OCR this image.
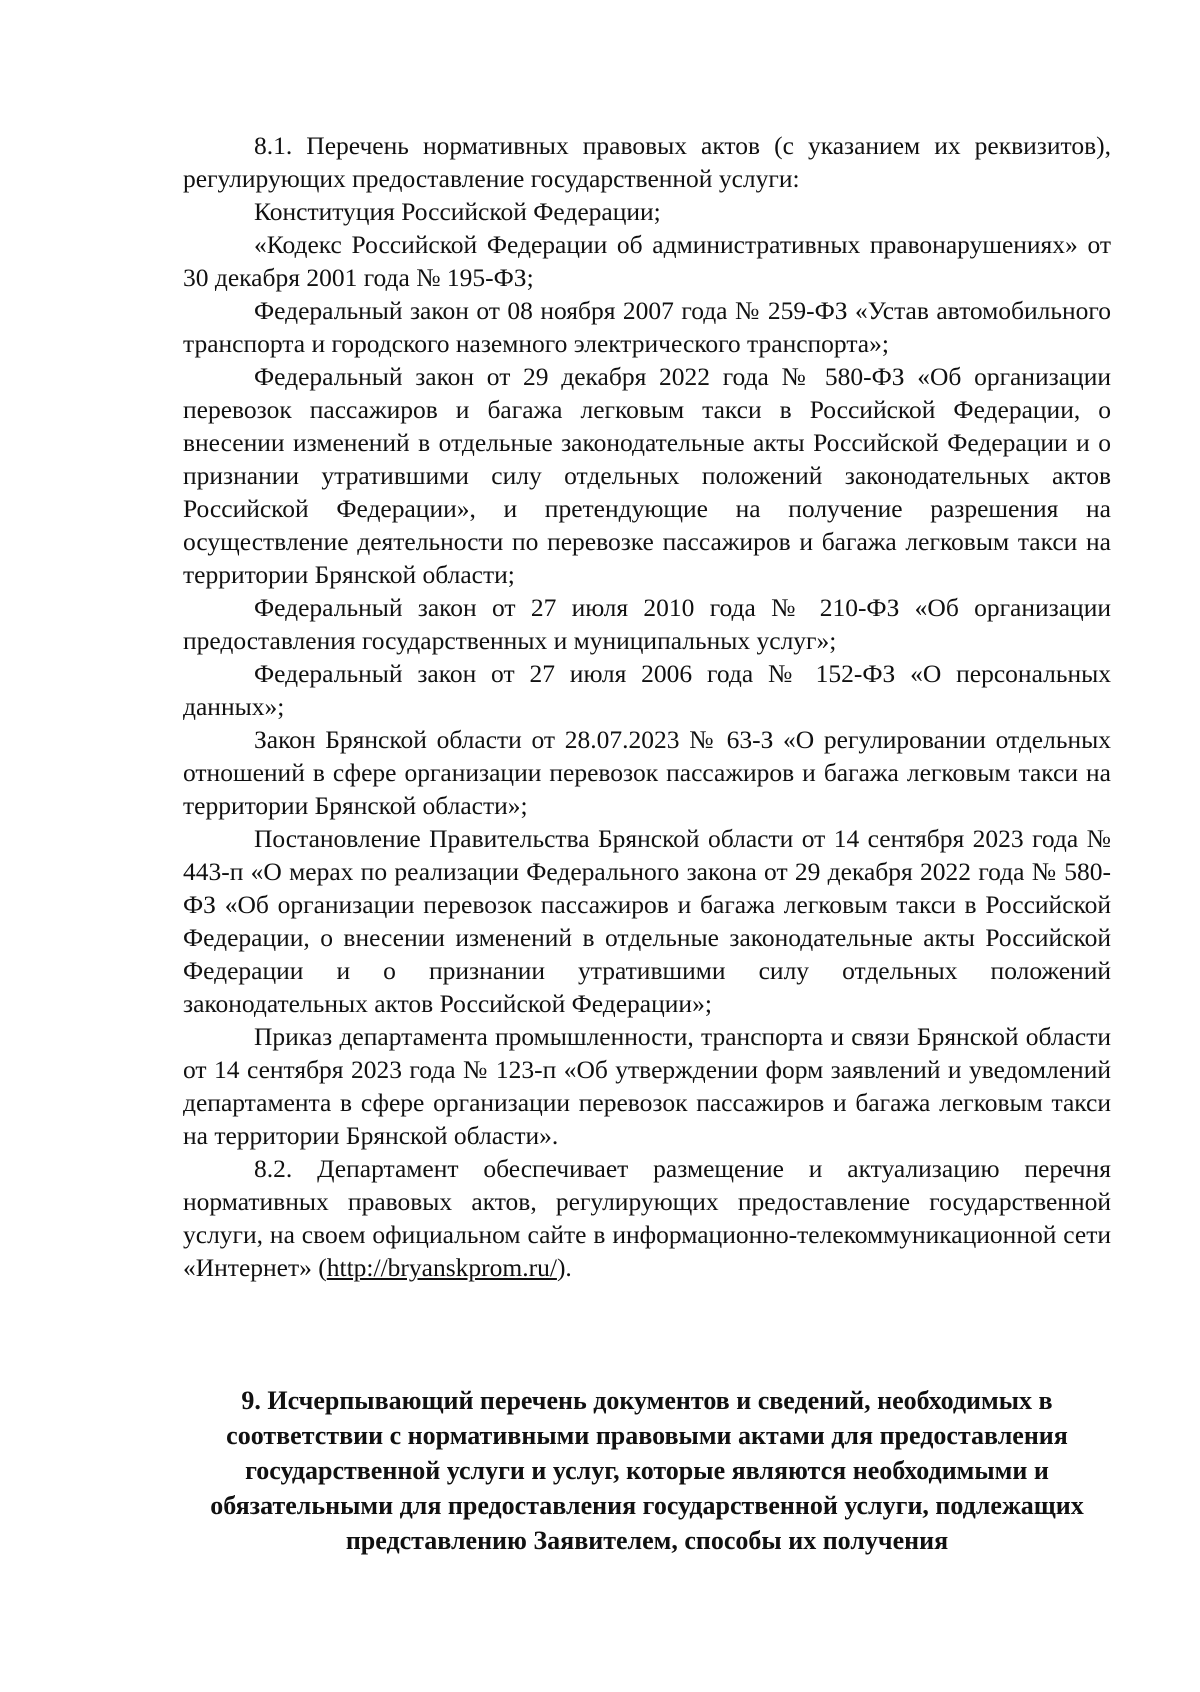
8.1. Перечень нормативных правовых актов (с указанием их реквизитов), регулирующих предоставление государственной услуги:

Конституция Российской Федерации;

«Кодекс Российской Федерации об административных правонарушениях» от 30 декабря 2001 года № 195-ФЗ;

Федеральный закон от 08 ноября 2007 года № 259-ФЗ «Устав автомобильного транспорта и городского наземного электрического транспорта»;

Федеральный закон от 29 декабря 2022 года № 580-ФЗ «Об организации перевозок пассажиров и багажа легковым такси в Российской Федерации, о внесении изменений в отдельные законодательные акты Российской Федерации и о признании утратившими силу отдельных положений законодательных актов Российской Федерации», и претендующие на получение разрешения на осуществление деятельности по перевозке пассажиров и багажа легковым такси на территории Брянской области;

Федеральный закон от 27 июля 2010 года № 210-ФЗ «Об организации предоставления государственных и муниципальных услуг»;

Федеральный закон от 27 июля 2006 года № 152-ФЗ «О персональных данных»;

Закон Брянской области от 28.07.2023 № 63-З «О регулировании отдельных отношений в сфере организации перевозок пассажиров и багажа легковым такси на территории Брянской области»;

Постановление Правительства Брянской области от 14 сентября 2023 года № 443-п «О мерах по реализации Федерального закона от 29 декабря 2022 года № 580-ФЗ «Об организации перевозок пассажиров и багажа легковым такси в Российской Федерации, о внесении изменений в отдельные законодательные акты Российской Федерации и о признании утратившими силу отдельных положений законодательных актов Российской Федерации»;

Приказ департамента промышленности, транспорта и связи Брянской области от 14 сентября 2023 года № 123-п «Об утверждении форм заявлений и уведомлений департамента в сфере организации перевозок пассажиров и багажа легковым такси на территории Брянской области».

8.2. Департамент обеспечивает размещение и актуализацию перечня нормативных правовых актов, регулирующих предоставление государственной услуги, на своем официальном сайте в информационно-телекоммуникационной сети «Интернет» (http://bryanskprom.ru/).

9. Исчерпывающий перечень документов и сведений, необходимых в соответствии с нормативными правовыми актами для предоставления государственной услуги и услуг, которые являются необходимыми и обязательными для предоставления государственной услуги, подлежащих представлению Заявителем, способы их получения
